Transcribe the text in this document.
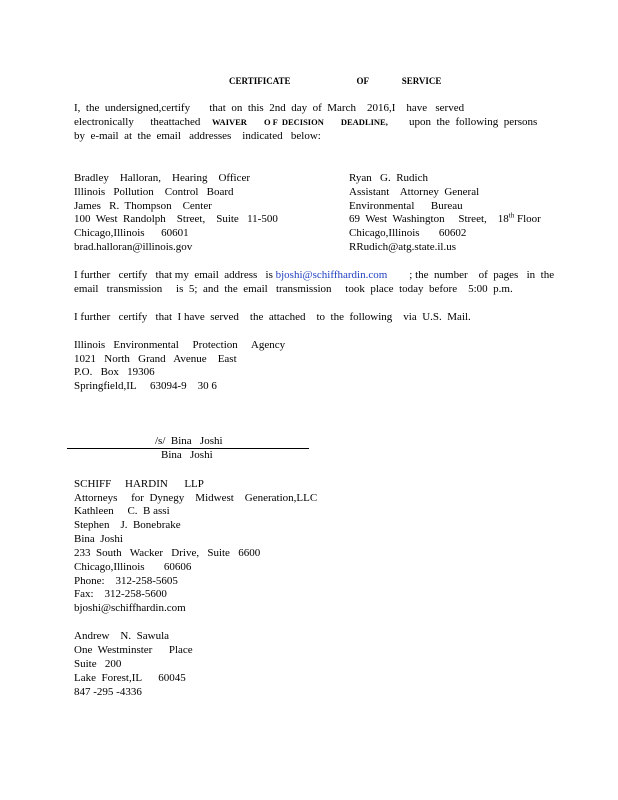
CERTIFICATE        OF    SERVICE
I,  the  undersigned,certify       that  on  this  2nd  day  of  March    2016,I    have   served
electronically      theattached WAIVER        O F  DECISION        DEADLINE, upon  the  following  persons
by  e-mail  at  the  email   addresses    indicated   below:
Bradley    Halloran,    Hearing    Officer
Illinois   Pollution    Control   Board
James   R.  Thompson    Center
100  West  Randolph    Street,    Suite   11-500
Chicago,Illinois      60601
brad.halloran@illinois.gov
Ryan   G.  Rudich
Assistant    Attorney  General
Environmental      Bureau
69  West  Washington     Street,    18th Floor
Chicago,Illinois       60602
RRudich@atg.state.il.us
I further   certify   that my  email  address   is bjoshi@schiffhardin.com        ; the  number    of  pages   in  the
email   transmission     is  5;  and  the  email   transmission     took  place  today  before    5:00  p.m.
I further   certify   that  I have  served    the  attached    to  the  following    via  U.S.  Mail.
Illinois   Environmental     Protection     Agency
1021   North   Grand   Avenue    East
P.O.   Box   19306
Springfield,IL     63094-9    30 6
/s/  Bina   Joshi
Bina   Joshi
SCHIFF     HARDIN      LLP
Attorneys     for  Dynegy    Midwest    Generation,LLC
Kathleen     C.  B assi
Stephen    J.  Bonebrake
Bina  Joshi
233  South   Wacker   Drive,   Suite   6600
Chicago,Illinois       60606
Phone:    312-258-5605
Fax:    312-258-5600
bjoshi@schiffhardin.com
Andrew    N.  Sawula
One  Westminster      Place
Suite   200
Lake  Forest,IL      60045
847 -295 -4336
